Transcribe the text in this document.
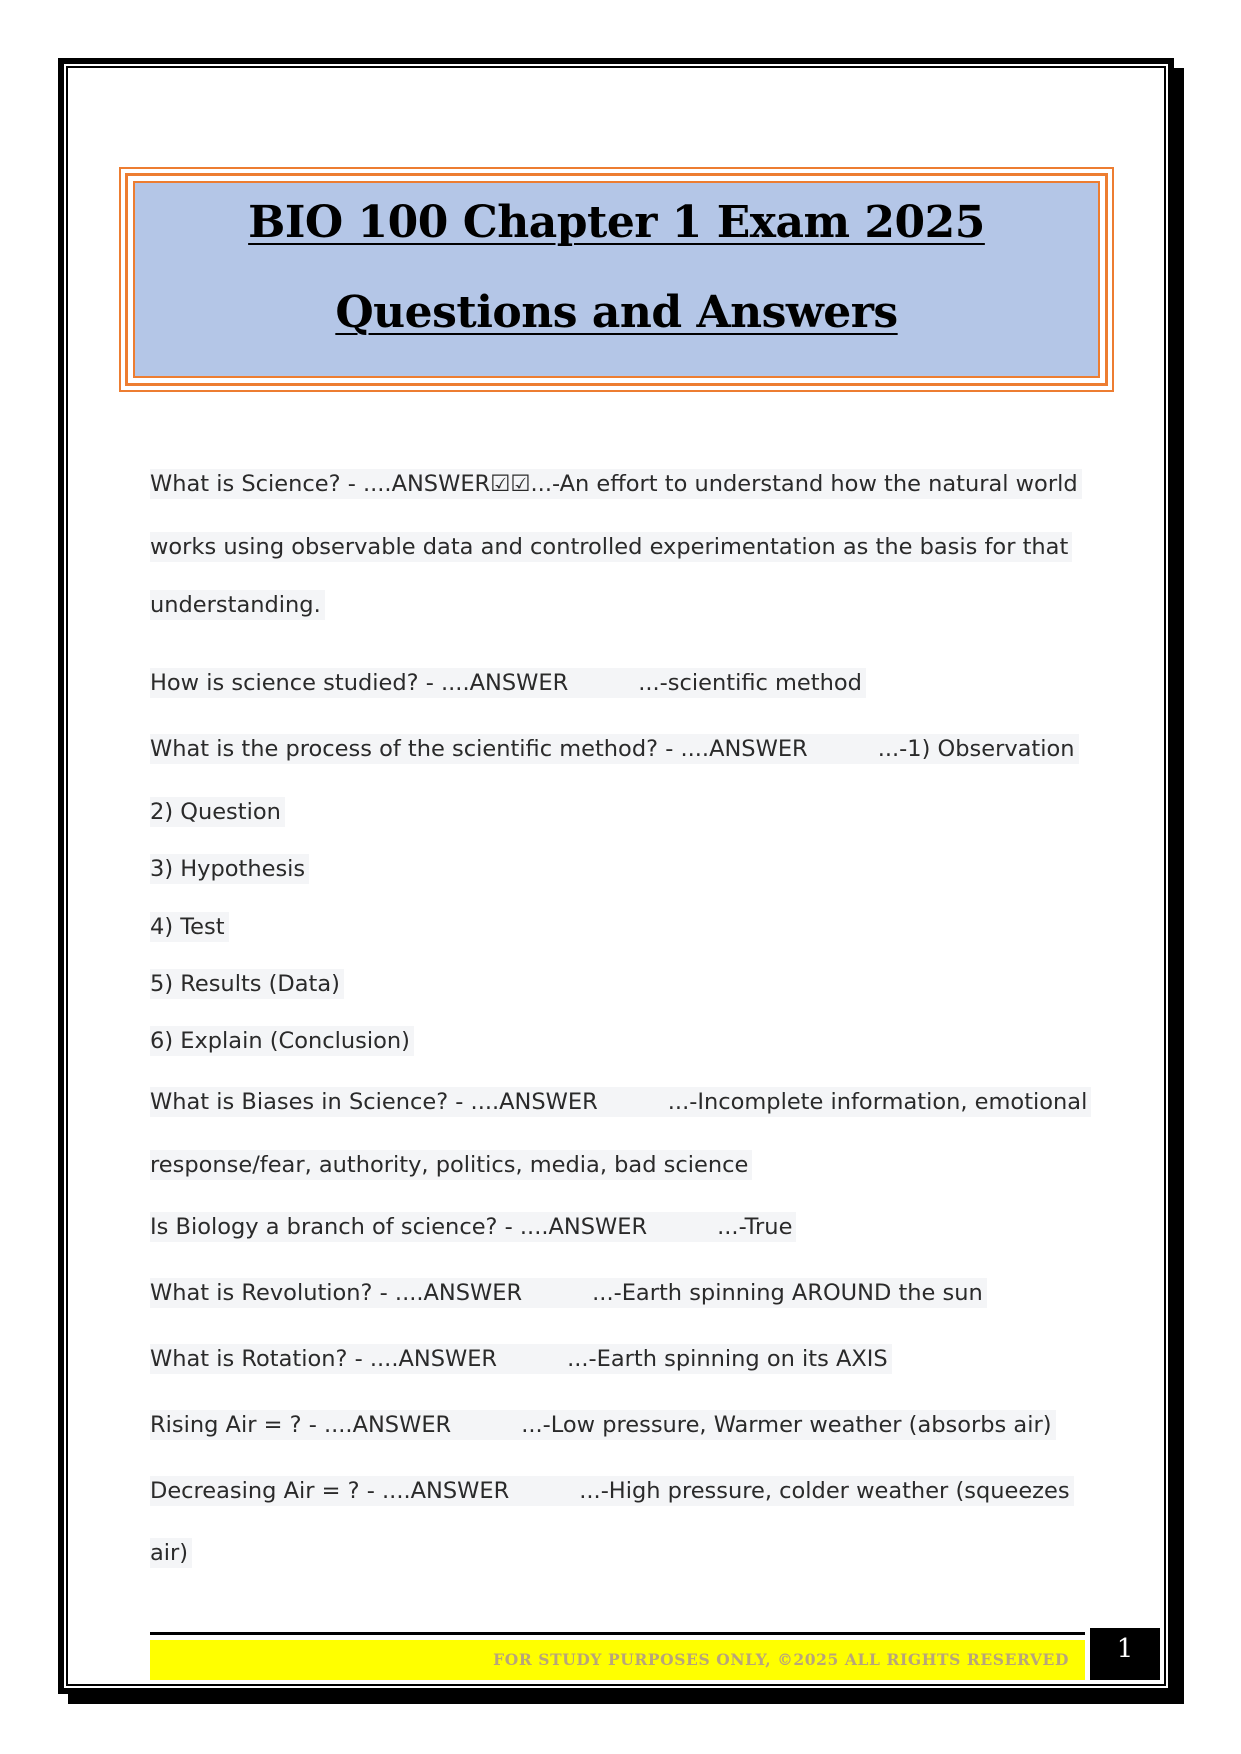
BIO 100 Chapter 1 Exam 2025
Questions and Answers
What is Science? - ....ANSWER☑☑...-An effort to understand how the natural world
works using observable data and controlled experimentation as the basis for that
understanding.
How is science studied? - ....ANSWER	...-scientific method
What is the process of the scientific method? - ....ANSWER	...-1) Observation
2) Question
3) Hypothesis
4) Test
5) Results (Data)
6) Explain (Conclusion)
What is Biases in Science? - ....ANSWER	...-Incomplete information, emotional
response/fear, authority, politics, media, bad science
Is Biology a branch of science? - ....ANSWER	...-True
What is Revolution? - ....ANSWER	...-Earth spinning AROUND the sun
What is Rotation? - ....ANSWER	...-Earth spinning on its AXIS
Rising Air = ? - ....ANSWER	...-Low pressure, Warmer weather (absorbs air)
Decreasing Air = ? - ....ANSWER	...-High pressure, colder weather (squeezes
air)
FOR STUDY PURPOSES ONLY, ©2025 ALL RIGHTS RESERVED	1
